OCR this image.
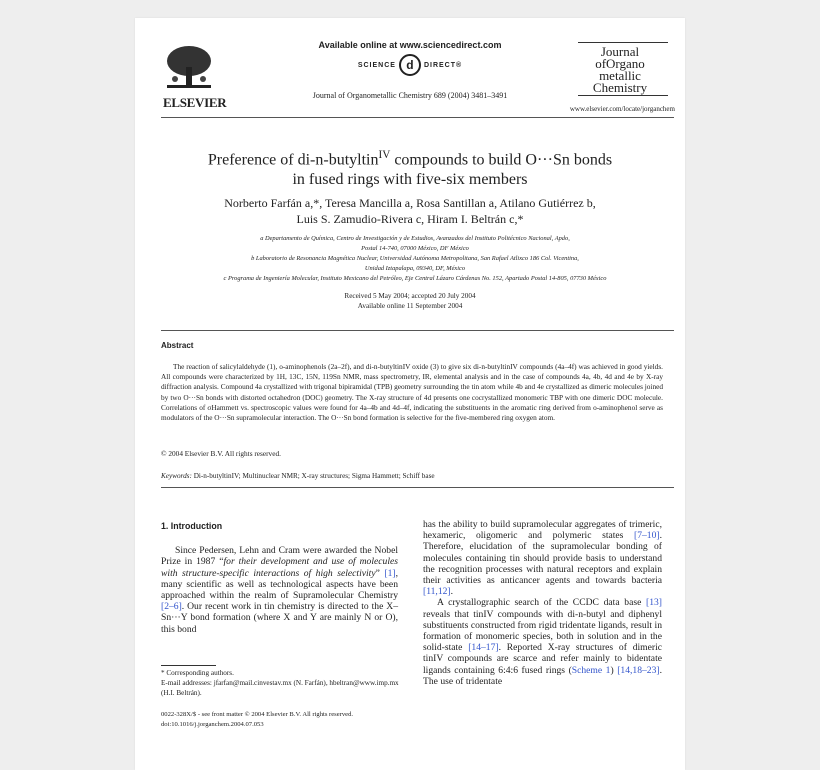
ELSEVIER
Available online at www.sciencedirect.com
SCIENCE d DIRECT®
Journal of Organometallic Chemistry 689 (2004) 3481–3491
Journal
ofOrgano
metallic
Chemistry
www.elsevier.com/locate/jorganchem
Preference of di-n-butyltin$^{IV}$ compounds to build O···Sn bonds
in fused rings with five-six members
Norberto Farfán a,*, Teresa Mancilla a, Rosa Santillan a, Atilano Gutiérrez b,
Luis S. Zamudio-Rivera c, Hiram I. Beltrán c,*
a Departamento de Química, Centro de Investigación y de Estudios, Avanzados del Instituto Politécnico Nacional, Apdo,
Postal 14-740, 07000 México, DF México
b Laboratorio de Resonancia Magnética Nuclear, Universidad Autónoma Metropolitana, San Rafael Atlixco 186 Col. Vicentina,
Unidad Iztapalapa, 09340, DF, México
c Programa de Ingeniería Molecular, Instituto Mexicano del Petróleo, Eje Central Lázaro Cárdenas No. 152, Apartado Postal 14-805, 07730 México
Received 5 May 2004; accepted 20 July 2004
Available online 11 September 2004
Abstract
The reaction of salicylaldehyde (1), o-aminophenols (2a–2f), and di-n-butyltinIV oxide (3) to give six di-n-butyltinIV compounds (4a–4f) was achieved in good yields. All compounds were characterized by 1H, 13C, 15N, 119Sn NMR, mass spectrometry, IR, elemental analysis and in the case of compounds 4a, 4b, 4d and 4e by X-ray diffraction analysis. Compound 4a crystallized with trigonal bipiramidal (TPB) geometry surrounding the tin atom while 4b and 4e crystallized as dimeric molecules joined by two O···Sn bonds with distorted octahedron (DOC) geometry. The X-ray structure of 4d presents one cocrystallized monomeric TBP with one dimeric DOC molecule. Correlations of σHammett vs. spectroscopic values were found for 4a–4b and 4d–4f, indicating the substituents in the aromatic ring derived from o-aminophenol serve as modulators of the O···Sn supramolecular interaction. The O···Sn bond formation is selective for the five-membered ring oxygen atom.
© 2004 Elsevier B.V. All rights reserved.
Keywords: Di-n-butyltinIV; Multinuclear NMR; X-ray structures; Sigma Hammett; Schiff base
1. Introduction

Since Pedersen, Lehn and Cram were awarded the Nobel Prize in 1987 “for their development and use of molecules with structure-specific interactions of high selectivity” [1], many scientific as well as technological aspects have been approached within the realm of Supramolecular Chemistry [2–6]. Our recent work in tin chemistry is directed to the X–Sn···Y bond formation (where X and Y are mainly N or O), this bond

has the ability to build supramolecular aggregates of trimeric, hexameric, oligomeric and polymeric states [7–10]. Therefore, elucidation of the supramolecular bonding of molecules containing tin should provide basis to understand the recognition processes with natural receptors and explain their activities as anticancer agents and towards bacteria [11,12].

A crystallographic search of the CCDC data base [13] reveals that tinIV compounds with di-n-butyl and diphenyl substituents constructed from rigid tridentate ligands, result in formation of monomeric species, both in solution and in the solid-state [14–17]. Reported X-ray structures of dimeric tinIV compounds are scarce and refer mainly to bidentate ligands containing 6:4:6 fused rings (Scheme 1) [14,18–23]. The use of tridentate

* Corresponding authors.
E-mail addresses: jfarfan@mail.cinvestav.mx (N. Farfán), hbeltran@www.imp.mx (H.I. Beltrán).
0022-328X/$ - see front matter © 2004 Elsevier B.V. All rights reserved.
doi:10.1016/j.jorganchem.2004.07.053
